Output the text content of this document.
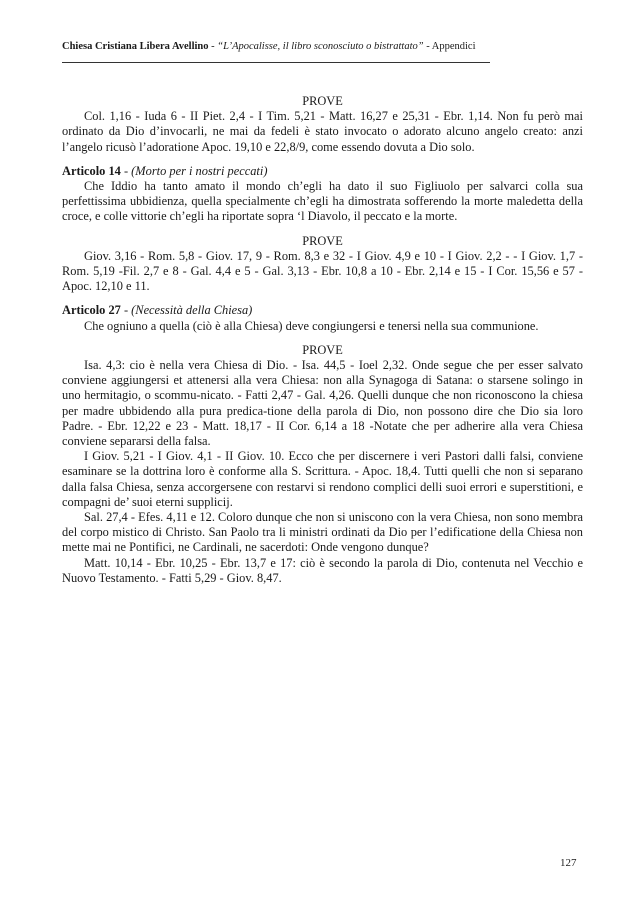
Chiesa Cristiana Libera Avellino - “L’Apocalisse, il libro sconosciuto o bistrattato” - Appendici

PROVE

Col. 1,16 - Iuda 6 - II Piet. 2,4 - I Tim. 5,21 - Matt. 16,27 e 25,31 - Ebr. 1,14. Non fu però mai ordinato da Dio d’invocarli, ne mai da fedeli è stato invocato o adorato alcuno angelo creato: anzi l’angelo ricusò l’adoratione Apoc. 19,10 e 22,8/9, come essendo dovuta a Dio solo.

Articolo 14 - (Morto per i nostri peccati)

Che Iddio ha tanto amato il mondo ch’egli ha dato il suo Figliuolo per salvarci colla sua perfettissima ubbidienza, quella specialmente ch’egli ha dimostrata sofferendo la morte maledetta della croce, e colle vittorie ch’egli ha riportate sopra ‘l Diavolo, il peccato e la morte.

PROVE

Giov. 3,16 - Rom. 5,8 - Giov. 17, 9 - Rom. 8,3 e 32 - I Giov. 4,9 e 10 - I Giov. 2,2 - - I Giov. 1,7 - Rom. 5,19 -Fil. 2,7 e 8 - Gal. 4,4 e 5 - Gal. 3,13 - Ebr. 10,8 a 10 - Ebr. 2,14 e 15 - I Cor. 15,56 e 57 - Apoc. 12,10 e 11.

Articolo 27 - (Necessità della Chiesa)

Che ogniuno a quella (ciò è alla Chiesa) deve congiungersi e tenersi nella sua communione.

PROVE

Isa. 4,3: cio è nella vera Chiesa di Dio. - Isa. 44,5 - Ioel 2,32. Onde segue che per esser salvato conviene aggiungersi et attenersi alla vera Chiesa: non alla Synagoga di Satana: o starsene solingo in uno hermitagio, o scommu-nicato. - Fatti 2,47 - Gal. 4,26. Quelli dunque che non riconoscono la chiesa per madre ubbidendo alla pura predica-tione della parola di Dio, non possono dire che Dio sia loro Padre. - Ebr. 12,22 e 23 - Matt. 18,17 - II Cor. 6,14 a 18 -Notate che per adherire alla vera Chiesa conviene separarsi della falsa.

I Giov. 5,21 - I Giov. 4,1 - II Giov. 10. Ecco che per discernere i veri Pastori dalli falsi, conviene esaminare se la dottrina loro è conforme alla S. Scrittura. - Apoc. 18,4. Tutti quelli che non si separano dalla falsa Chiesa, senza accorgersene con restarvi si rendono complici delli suoi errori e superstitioni, e compagni de’ suoi eterni supplicij.

Sal. 27,4 - Efes. 4,11 e 12. Coloro dunque che non si uniscono con la vera Chiesa, non sono membra del corpo mistico di Christo. San Paolo tra li ministri ordinati da Dio per l’edificatione della Chiesa non mette mai ne Pontifici, ne Cardinali, ne sacerdoti: Onde vengono dunque?

Matt. 10,14 - Ebr. 10,25 - Ebr. 13,7 e 17: ciò è secondo la parola di Dio, contenuta nel Vecchio e Nuovo Testamento. - Fatti 5,29 - Giov. 8,47.

127
